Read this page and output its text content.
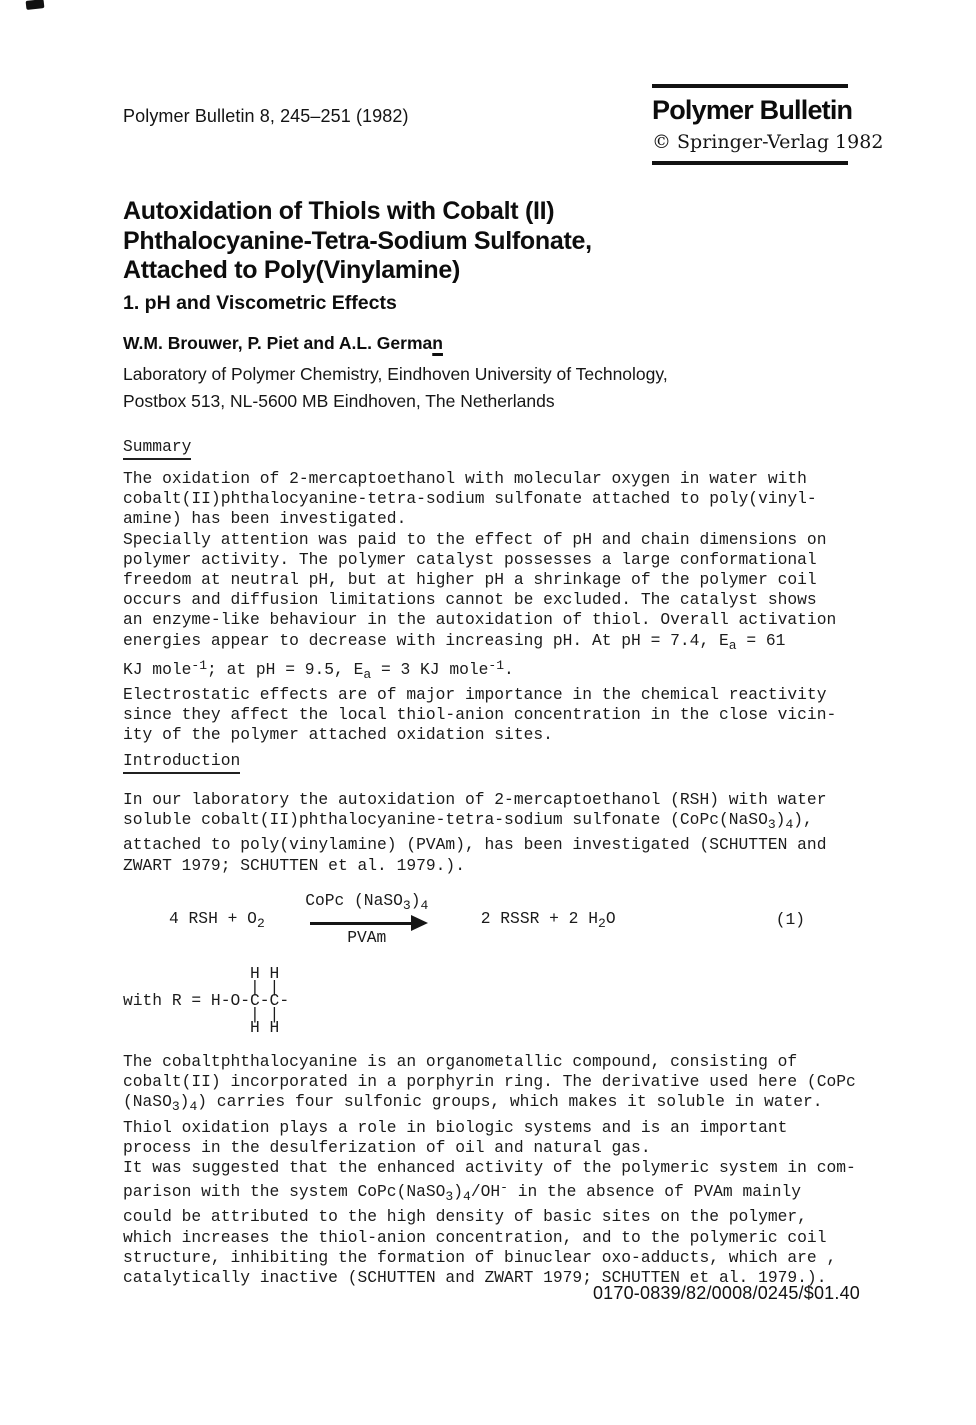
Polymer Bulletin 8, 245–251 (1982)	Polymer Bulletin
© Springer-Verlag 1982
Autoxidation of Thiols with Cobalt (II)
Phthalocyanine-Tetra-Sodium Sulfonate,
Attached to Poly(Vinylamine)
1. pH and Viscometric Effects
W.M. Brouwer, P. Piet and A.L. German
Laboratory of Polymer Chemistry, Eindhoven University of Technology,
Postbox 513, NL-5600 MB Eindhoven, The Netherlands
Summary
The oxidation of 2-mercaptoethanol with molecular oxygen in water with
cobalt(II)phthalocyanine-tetra-sodium sulfonate attached to poly(vinyl-
amine) has been investigated.
Specially attention was paid to the effect of pH and chain dimensions on
polymer activity. The polymer catalyst possesses a large conformational
freedom at neutral pH, but at higher pH a shrinkage of the polymer coil
occurs and diffusion limitations cannot be excluded. The catalyst shows
an enzyme-like behaviour in the autoxidation of thiol. Overall activation
energies appear to decrease with increasing pH. At pH = 7.4, $E_a = 61$
KJ mole$^{-1}$; at pH = 9.5, $E_a = 3$ KJ mole$^{-1}$.
Electrostatic effects are of major importance in the chemical reactivity
since they affect the local thiol-anion concentration in the close vicin-
ity of the polymer attached oxidation sites.
Introduction
In our laboratory the autoxidation of 2-mercaptoethanol (RSH) with water
soluble cobalt(II)phthalocyanine-tetra-sodium sulfonate $(CoPc(NaSO_3)_4)$,
attached to poly(vinylamine) (PVAm), has been investigated (SCHUTTEN and
ZWART 1979; SCHUTTEN et al. 1979.).
4 RSH + $O_2$
CoPc $(NaSO_3)_4$
PVAm
2 RSSR + 2 $H_2O$	(1)
H H
| |
with R = H-O-C-C-
| |
H H
The cobaltphthalocyanine is an organometallic compound, consisting of
cobalt(II) incorporated in a porphyrin ring. The derivative used here (CoPc
$(NaSO_3)_4$) carries four sulfonic groups, which makes it soluble in water.
Thiol oxidation plays a role in biologic systems and is an important
process in the desulferization of oil and natural gas.
It was suggested that the enhanced activity of the polymeric system in com-
parison with the system $CoPc(NaSO_3)_4/OH^-$ in the absence of PVAm mainly
could be attributed to the high density of basic sites on the polymer,
which increases the thiol-anion concentration, and to the polymeric coil
structure, inhibiting the formation of binuclear oxo-adducts, which are ,
catalytically inactive (SCHUTTEN and ZWART 1979; SCHUTTEN et al. 1979.).
0170-0839/82/0008/0245/$01.40
